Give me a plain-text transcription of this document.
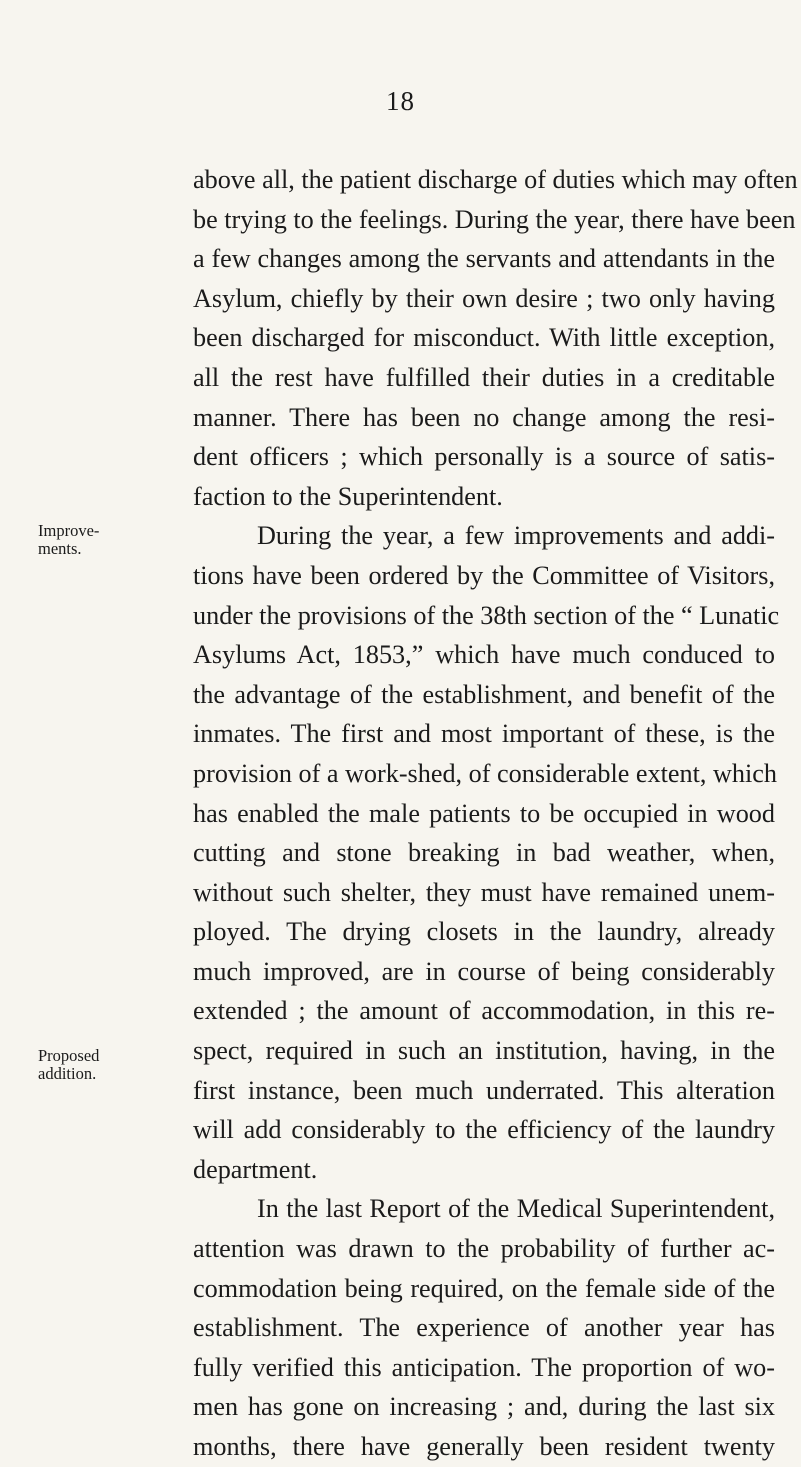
18
Improve-
ments.
Proposed
addition.
above all, the patient discharge of duties which may often
be trying to the feelings. During the year, there have been
a few changes among the servants and attendants in the
Asylum, chiefly by their own desire ; two only having
been discharged for misconduct. With little exception,
all the rest have fulfilled their duties in a creditable
manner. There has been no change among the resi-
dent officers ; which personally is a source of satis-
faction to the Superintendent.
During the year, a few improvements and addi-
tions have been ordered by the Committee of Visitors,
under the provisions of the 38th section of the “ Lunatic
Asylums Act, 1853,” which have much conduced to
the advantage of the establishment, and benefit of the
inmates. The first and most important of these, is the
provision of a work-shed, of considerable extent, which
has enabled the male patients to be occupied in wood
cutting and stone breaking in bad weather, when,
without such shelter, they must have remained unem-
ployed. The drying closets in the laundry, already
much improved, are in course of being considerably
extended ; the amount of accommodation, in this re-
spect, required in such an institution, having, in the
first instance, been much underrated. This alteration
will add considerably to the efficiency of the laundry
department.
In the last Report of the Medical Superintendent,
attention was drawn to the probability of further ac-
commodation being required, on the female side of the
establishment. The experience of another year has
fully verified this anticipation. The proportion of wo-
men has gone on increasing ; and, during the last six
months, there have generally been resident twenty
